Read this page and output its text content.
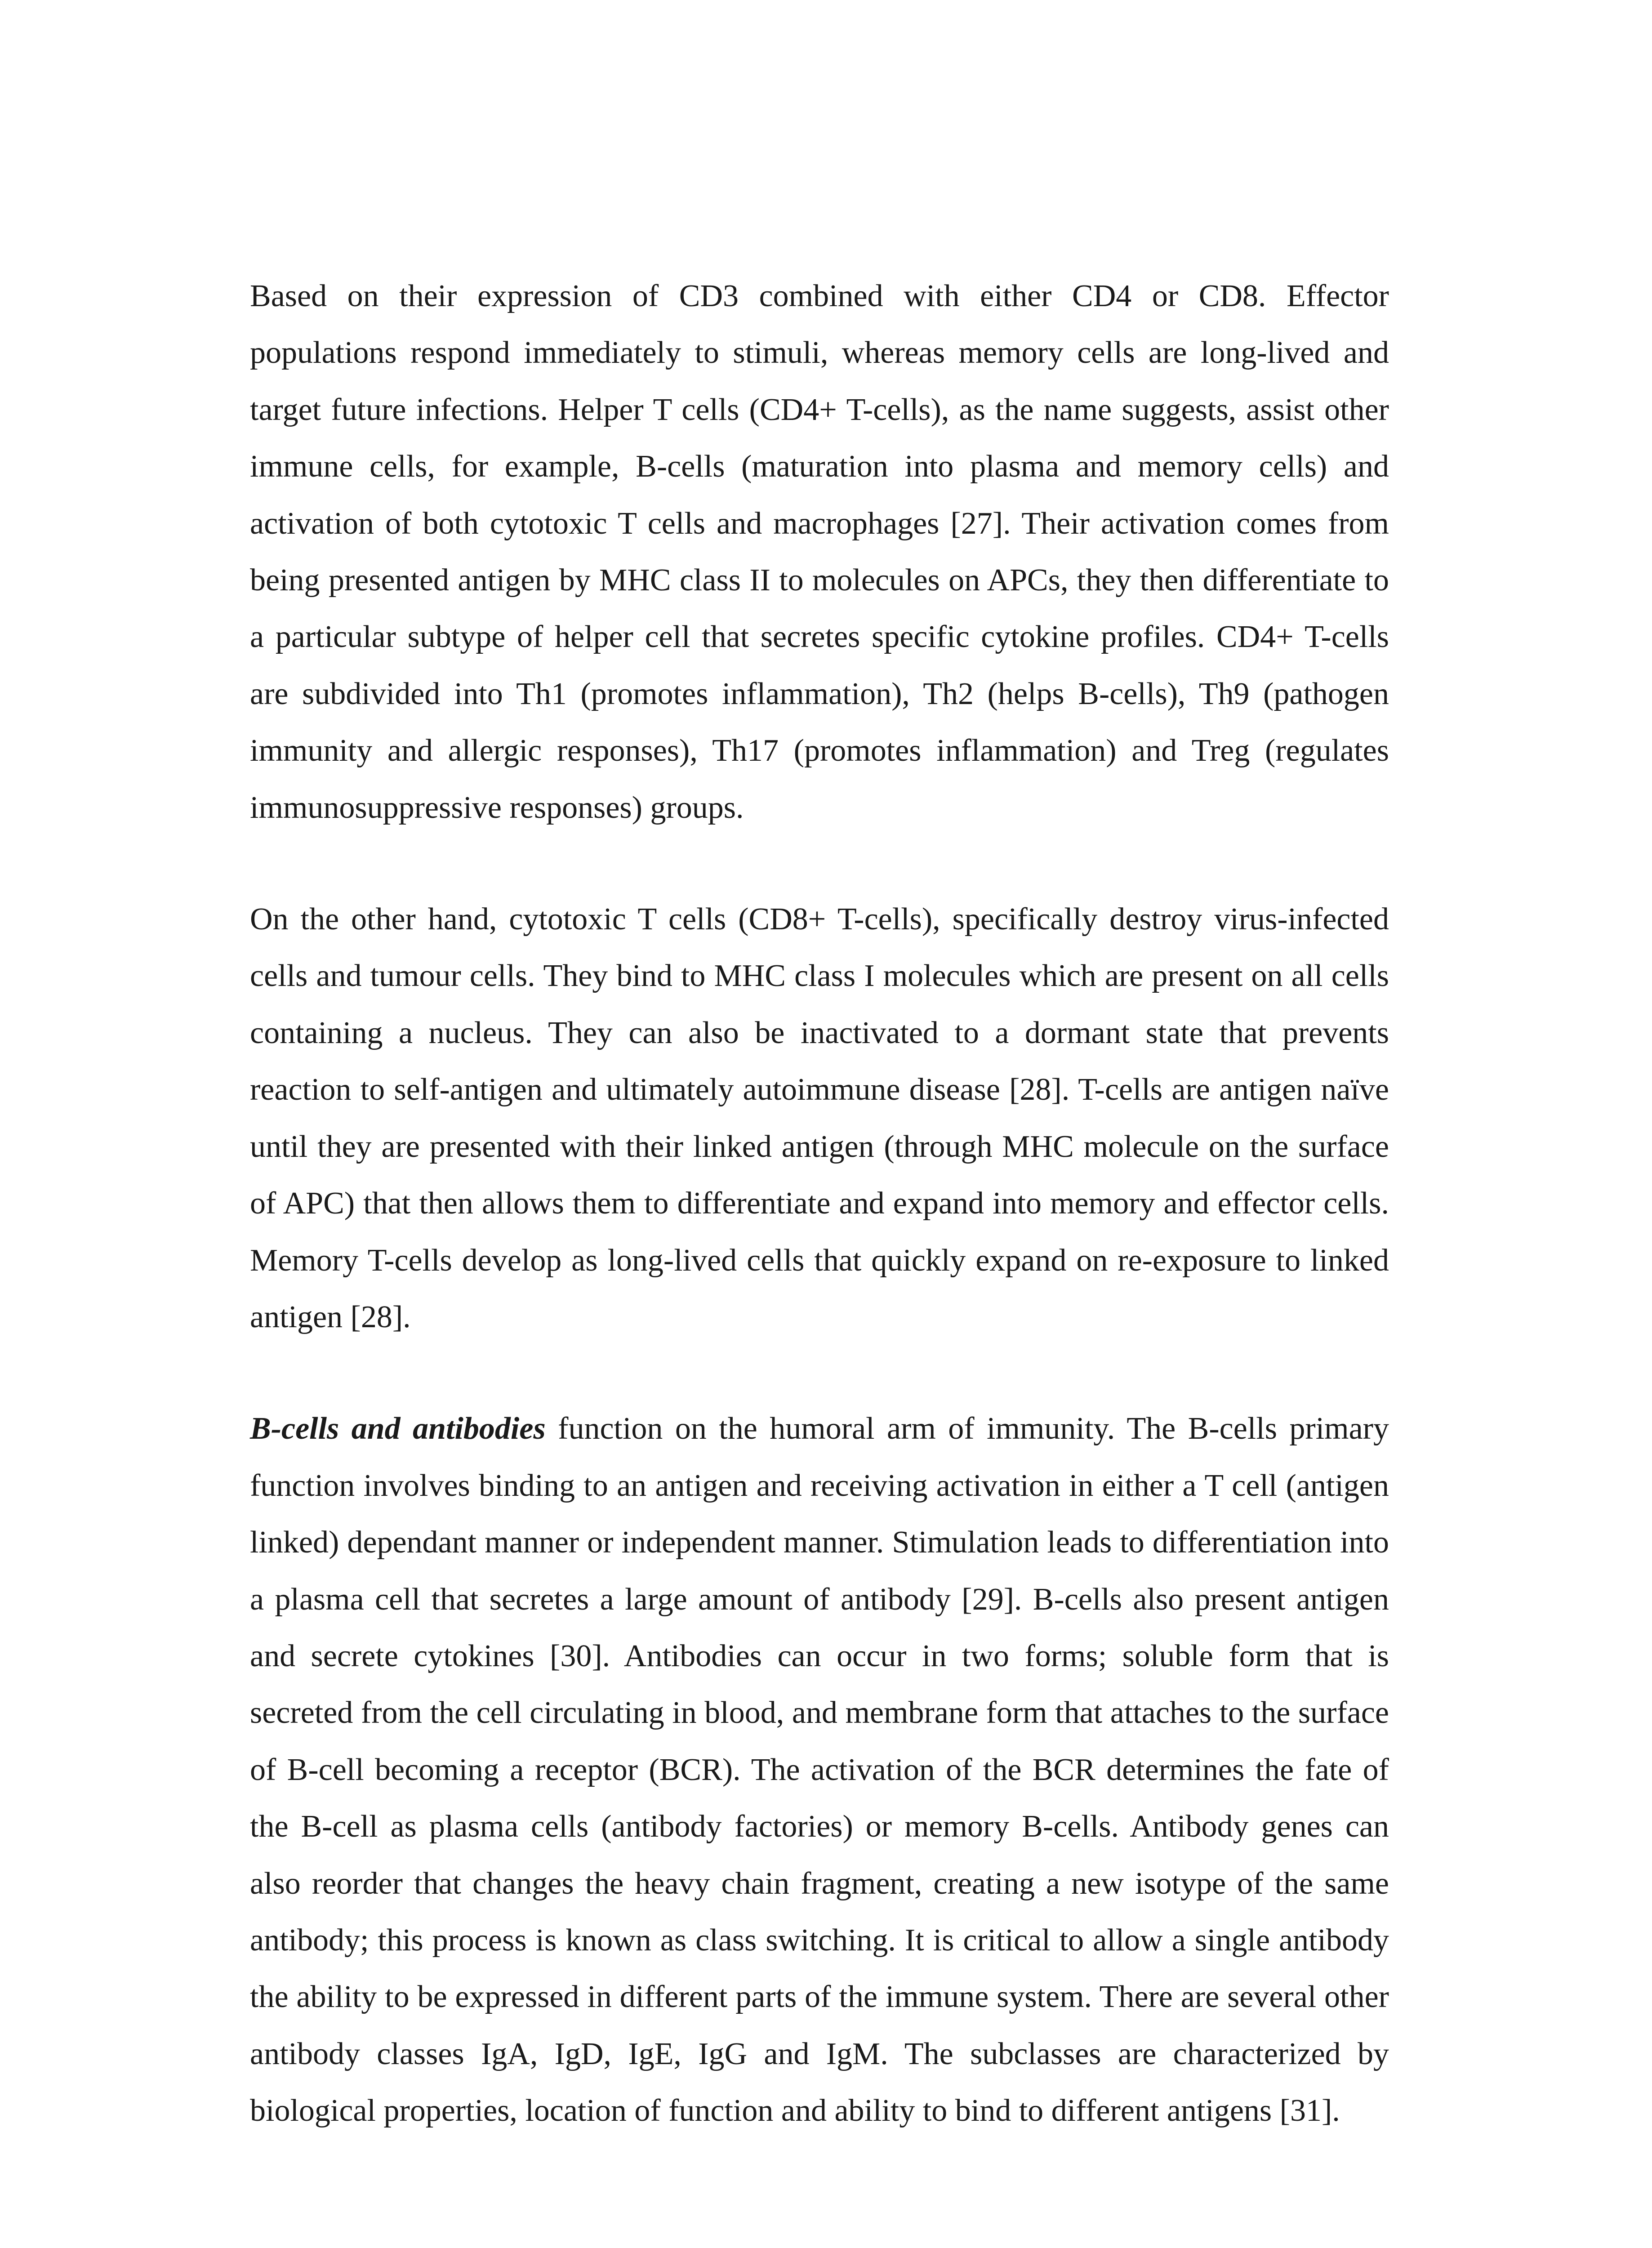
Based on their expression of CD3 combined with either CD4 or CD8. Effector populations respond immediately to stimuli, whereas memory cells are long-lived and target future infections. Helper T cells (CD4+ T-cells), as the name suggests, assist other immune cells, for example, B-cells (maturation into plasma and memory cells) and activation of both cytotoxic T cells and macrophages [27]. Their activation comes from being presented antigen by MHC class II to molecules on APCs, they then differentiate to a particular subtype of helper cell that secretes specific cytokine profiles. CD4+ T-cells are subdivided into Th1 (promotes inflammation), Th2 (helps B-cells), Th9 (pathogen immunity and allergic responses), Th17 (promotes inflammation) and Treg (regulates immunosuppressive responses) groups.

On the other hand, cytotoxic T cells (CD8+ T-cells), specifically destroy virus-infected cells and tumour cells. They bind to MHC class I molecules which are present on all cells containing a nucleus. They can also be inactivated to a dormant state that prevents reaction to self-antigen and ultimately autoimmune disease [28]. T-cells are antigen naïve until they are presented with their linked antigen (through MHC molecule on the surface of APC) that then allows them to differentiate and expand into memory and effector cells. Memory T-cells develop as long-lived cells that quickly expand on re-exposure to linked antigen [28].

B-cells and antibodies function on the humoral arm of immunity. The B-cells primary function involves binding to an antigen and receiving activation in either a T cell (antigen linked) dependant manner or independent manner. Stimulation leads to differentiation into a plasma cell that secretes a large amount of antibody [29]. B-cells also present antigen and secrete cytokines [30]. Antibodies can occur in two forms; soluble form that is secreted from the cell circulating in blood, and membrane form that attaches to the surface of B-cell becoming a receptor (BCR). The activation of the BCR determines the fate of the B-cell as plasma cells (antibody factories) or memory B-cells. Antibody genes can also reorder that changes the heavy chain fragment, creating a new isotype of the same antibody; this process is known as class switching. It is critical to allow a single antibody the ability to be expressed in different parts of the immune system. There are several other antibody classes IgA, IgD, IgE, IgG and IgM. The subclasses are characterized by biological properties, location of function and ability to bind to different antigens [31].
